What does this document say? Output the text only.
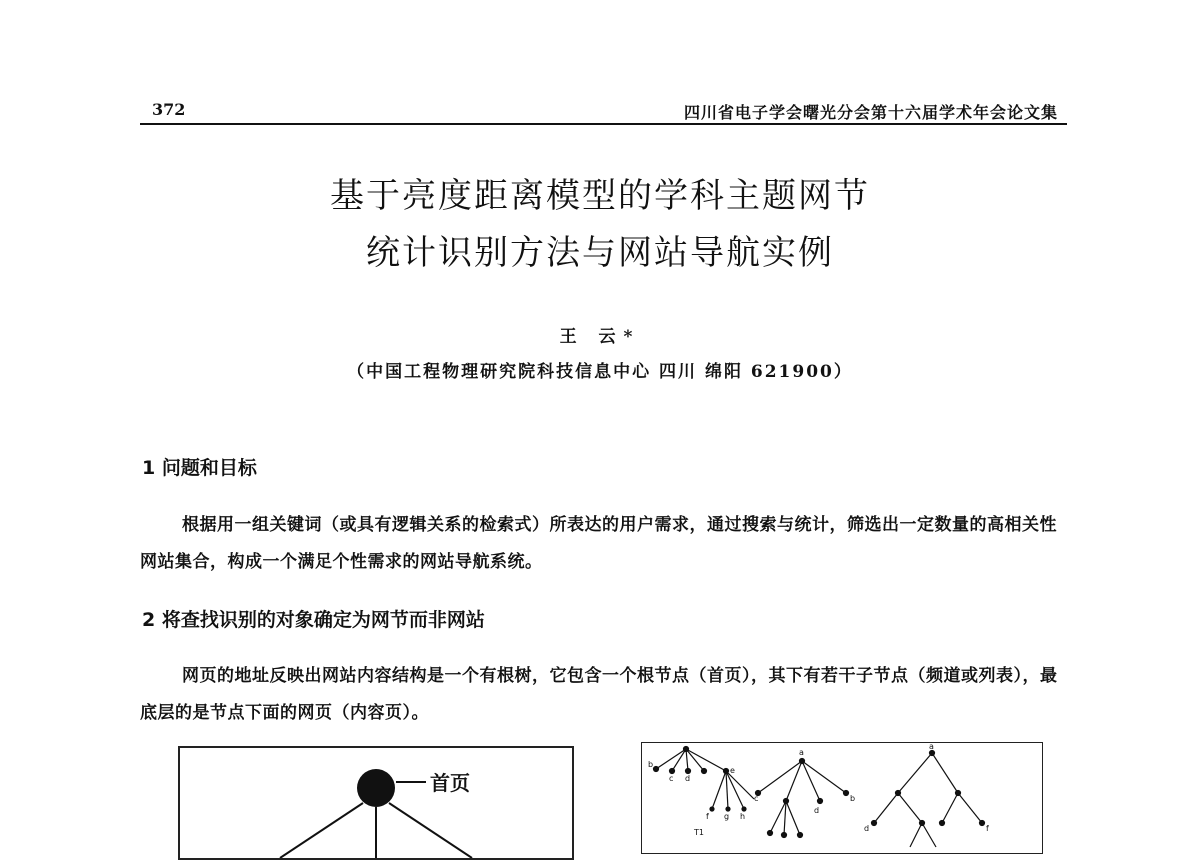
372	四川省电子学会曙光分会第十六届学术年会论文集
基于亮度距离模型的学科主题网节
统计识别方法与网站导航实例
王 云*
（中国工程物理研究院科技信息中心 四川 绵阳 621900）
1 问题和目标
根据用一组关键词（或具有逻辑关系的检索式）所表达的用户需求，通过搜索与统计，筛选出一定数量的高相关性网站集合，构成一个满足个性需求的网站导航系统。
2 将查找识别的对象确定为网节而非网站
网页的地址反映出网站内容结构是一个有根树，它包含一个根节点（首页），其下有若干子节点（频道或列表），最底层的是节点下面的网页（内容页）。
首页
b
c d
e
f g h
T1
a
a
c
d
b
d	f
